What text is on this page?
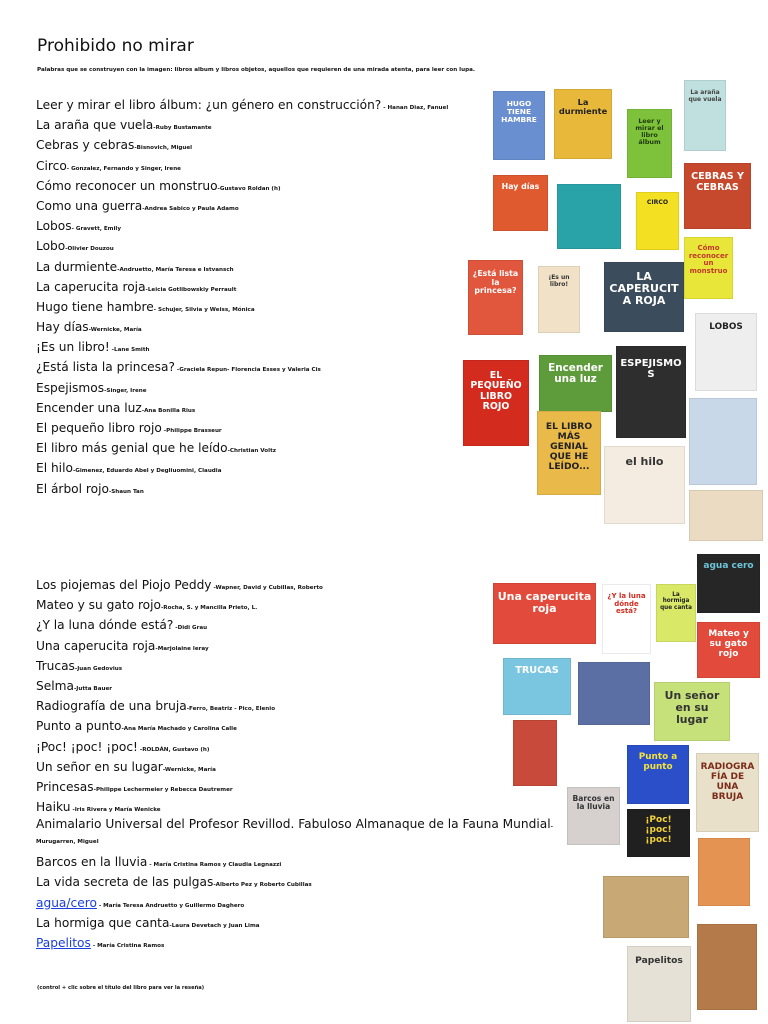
Prohibido no mirar
Palabras que se construyen con la imagen: libros album y libros objetos, aquellos que requieren de una mirada atenta, para leer con lupa.
Leer y mirar el libro álbum: ¿un género en construcción? - Hanan Diaz, Fanuel
La araña que vuela-Ruby Bustamante
Cebras y cebras-Bisnovich, Miguel
Circo- Gonzalez, Fernando y Singer, Irene
Cómo reconocer un monstruo-Gustavo Roldan (h)
Como una guerra-Andrea Sabico y Paula Adamo
Lobos- Gravett, Emily
Lobo-Olivier Douzou
La durmiente-Andruetto, María Teresa e Istvansch
La caperucita roja-Leicia Gotlibowskiy Perrault
Hugo tiene hambre- Schujer, Silvia y Weiss, Mónica
Hay días-Wernicke, María
¡Es un libro! -Lane Smith
¿Está lista la princesa? -Graciela Repun- Florencia Esses y Valeria Cis
Espejismos-Singer, Irene
Encender una luz-Ana Bonilla Rius
El pequeño libro rojo -Philippe Brasseur
El libro más genial que he leído-Christian Voltz
El hilo-Gimenez, Eduardo Abel y Degliuomini, Claudia
El árbol rojo-Shaun Tan
Los piojemas del Piojo Peddy -Wapner, David y Cubillas, Roberto
Mateo y su gato rojo-Rocha, S. y Mancilla Prieto, L.
¿Y la luna dónde está? -Didi Grau
Una caperucita roja-Marjolaine leray
Trucas-Juan Gedovius
Selma-Jutta Bauer
Radiografía de una bruja-Ferro, Beatriz - Pico, Elenio
Punto a punto-Ana María Machado y Carolina Calle
¡Poc! ¡poc! ¡poc! -ROLDÁN, Gustavo (h)
Un señor en su lugar-Wernicke, María
Princesas-Philippe Lechermeier y Rebecca Dautremer
Haiku -Iris Rivera y María Wenicke
Animalario Universal del Profesor Revillod. Fabuloso Almanaque de la Fauna Mundial-Murugarren, Miguel
Barcos en la lluvia - María Cristina Ramos y Claudia Legnazzi
La vida secreta de las pulgas-Alberto Pez y Roberto Cubillas
agua/cero - María Teresa Andruetto y Guillermo Daghero
La hormiga que canta-Laura Devetach y Juan Lima
Papelitos - María Cristina Ramos
(control + clic sobre el título del libro para ver la reseña)
HUGO TIENE HAMBRE
La durmiente
Leer y mirar el libro álbum
La araña que vuela
Hay días
CIRCO
CEBRAS Y CEBRAS
Cómo reconocer un monstruo
¿Está lista la princesa?
¡Es un libro!
LA CAPERUCITA ROJA
LOBOS
EL PEQUEÑO LIBRO ROJO
Encender una luz
ESPEJISMOS
EL LIBRO MÁS GENIAL QUE HE LEÍDO...	el hilo
Una caperucita roja
¿Y la luna dónde está?
La hormiga que canta
agua cero
Mateo y su gato rojo
TRUCAS
Un señor en su lugar
Punto a punto	RADIOGRAFÍA DE UNA BRUJA
Barcos en la lluvia
¡Poc! ¡poc! ¡poc!
Papelitos
